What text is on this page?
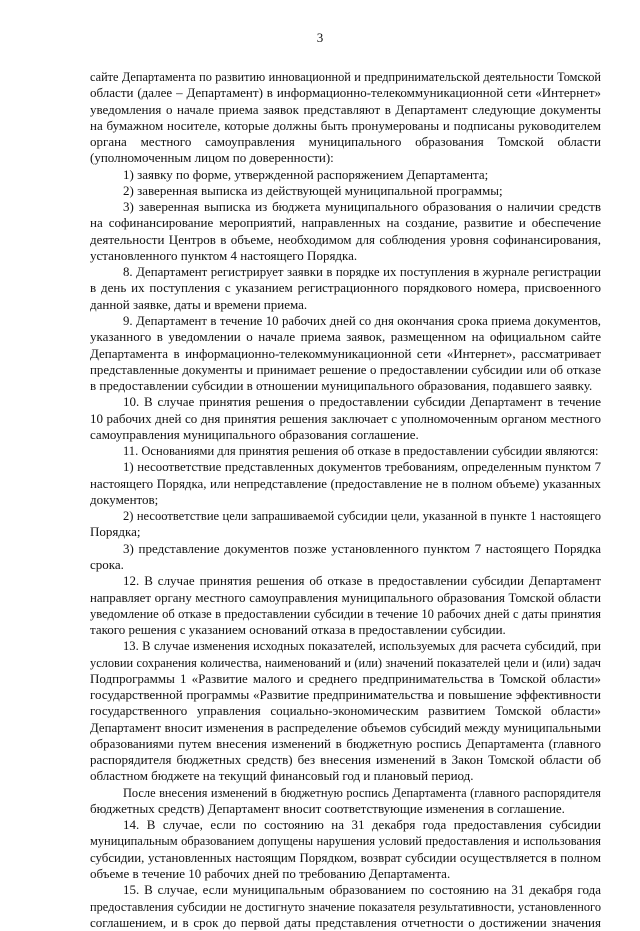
3
сайте Департамента по развитию инновационной и предпринимательской деятельности Томской
области (далее – Департамент) в информационно-телекоммуникационной сети «Интернет»
уведомления о начале приема заявок представляют в Департамент следующие документы
на бумажном носителе, которые должны быть пронумерованы и подписаны руководителем
органа местного самоуправления муниципального образования Томской области
(уполномоченным лицом по доверенности):
1) заявку по форме, утвержденной распоряжением Департамента;
2) заверенная выписка из действующей муниципальной программы;
3) заверенная выписка из бюджета муниципального образования о наличии средств
на софинансирование мероприятий, направленных на создание, развитие и обеспечение
деятельности Центров в объеме, необходимом для соблюдения уровня софинансирования,
установленного пунктом 4 настоящего Порядка.
8. Департамент регистрирует заявки в порядке их поступления в журнале регистрации
в день их поступления с указанием регистрационного порядкового номера, присвоенного
данной заявке, даты и времени приема.
9. Департамент в течение 10 рабочих дней со дня окончания срока приема документов,
указанного в уведомлении о начале приема заявок, размещенном на официальном сайте
Департамента в информационно-телекоммуникационной сети «Интернет», рассматривает
представленные документы и принимает решение о предоставлении субсидии или об отказе
в предоставлении субсидии в отношении муниципального образования, подавшего заявку.
10. В случае принятия решения о предоставлении субсидии Департамент в течение
10 рабочих дней со дня принятия решения заключает с уполномоченным органом местного
самоуправления муниципального образования соглашение.
11. Основаниями для принятия решения об отказе в предоставлении субсидии являются:
1) несоответствие представленных документов требованиям, определенным пунктом 7
настоящего Порядка, или непредставление (предоставление не в полном объеме) указанных
документов;
2) несоответствие цели запрашиваемой субсидии цели, указанной в пункте 1 настоящего
Порядка;
3) представление документов позже установленного пунктом 7 настоящего Порядка
срока.
12. В случае принятия решения об отказе в предоставлении субсидии Департамент
направляет органу местного самоуправления муниципального образования Томской области
уведомление об отказе в предоставлении субсидии в течение 10 рабочих дней с даты принятия
такого решения с указанием оснований отказа в предоставлении субсидии.
13. В случае изменения исходных показателей, используемых для расчета субсидий, при
условии сохранения количества, наименований и (или) значений показателей цели и (или) задач
Подпрограммы 1 «Развитие малого и среднего предпринимательства в Томской области»
государственной программы «Развитие предпринимательства и повышение эффективности
государственного управления социально-экономическим развитием Томской области»
Департамент вносит изменения в распределение объемов субсидий между муниципальными
образованиями путем внесения изменений в бюджетную роспись Департамента (главного
распорядителя бюджетных средств) без внесения изменений в Закон Томской области об
областном бюджете на текущий финансовый год и плановый период.
После внесения изменений в бюджетную роспись Департамента (главного распорядителя
бюджетных средств) Департамент вносит соответствующие изменения в соглашение.
14. В случае, если по состоянию на 31 декабря года предоставления субсидии
муниципальным образованием допущены нарушения условий предоставления и использования
субсидии, установленных настоящим Порядком, возврат субсидии осуществляется в полном
объеме в течение 10 рабочих дней по требованию Департамента.
15. В случае, если муниципальным образованием по состоянию на 31 декабря года
предоставления субсидии не достигнуто значение показателя результативности, установленного
соглашением, и в срок до первой даты представления отчетности о достижении значения
